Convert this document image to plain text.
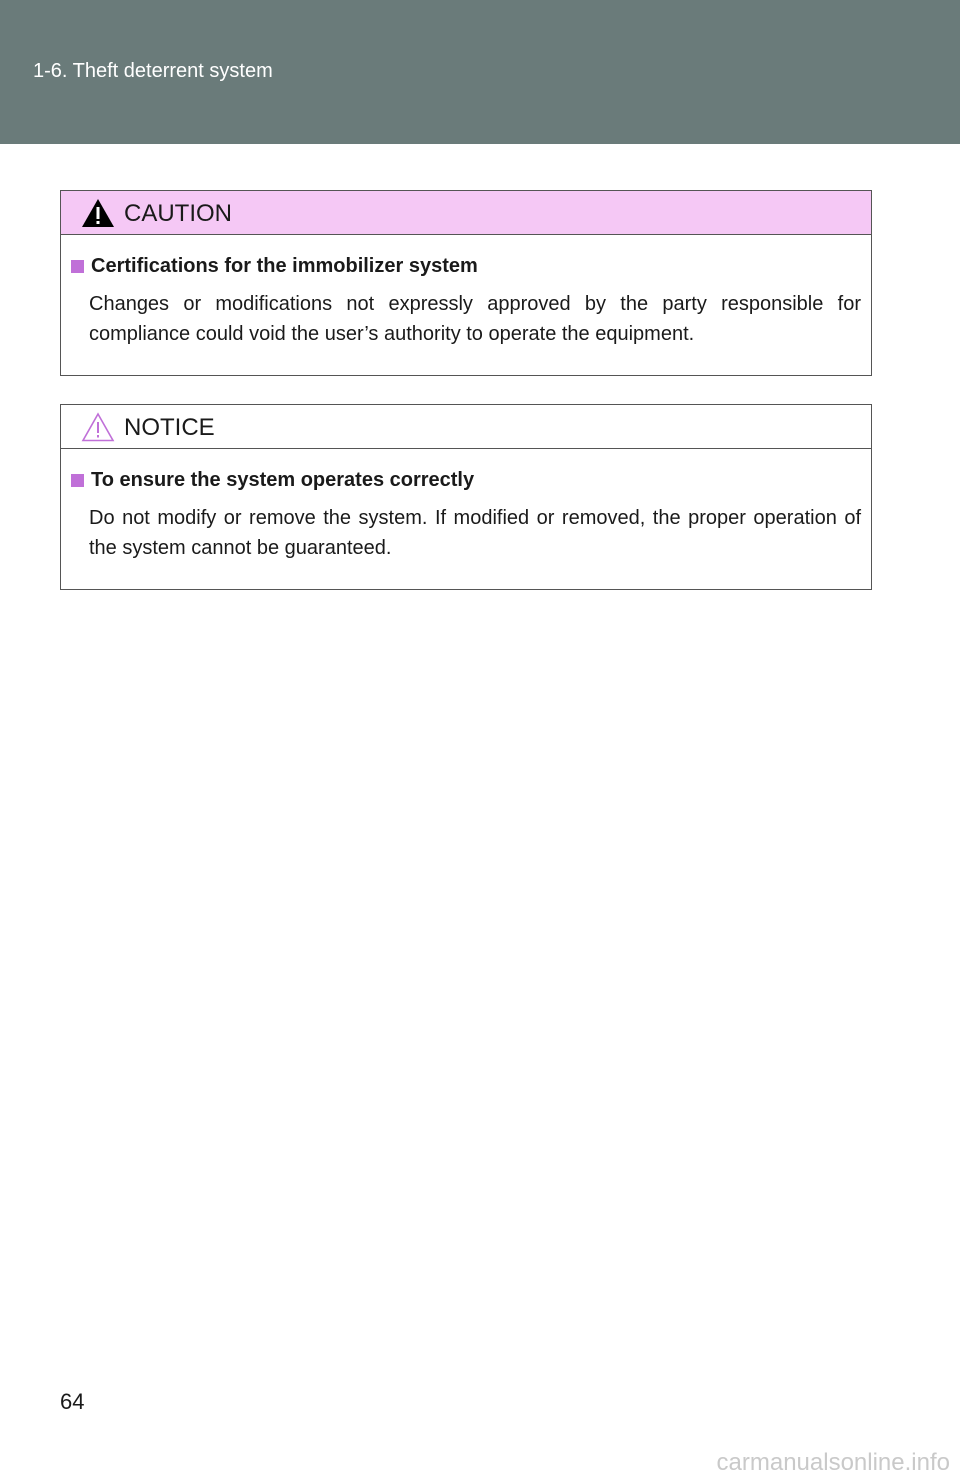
1-6. Theft deterrent system
CAUTION
Certifications for the immobilizer system
Changes or modifications not expressly approved by the party responsible for compliance could void the user’s authority to operate the equipment.
NOTICE
To ensure the system operates correctly
Do not modify or remove the system. If modified or removed, the proper operation of the system cannot be guaranteed.
64
carmanualsonline.info
